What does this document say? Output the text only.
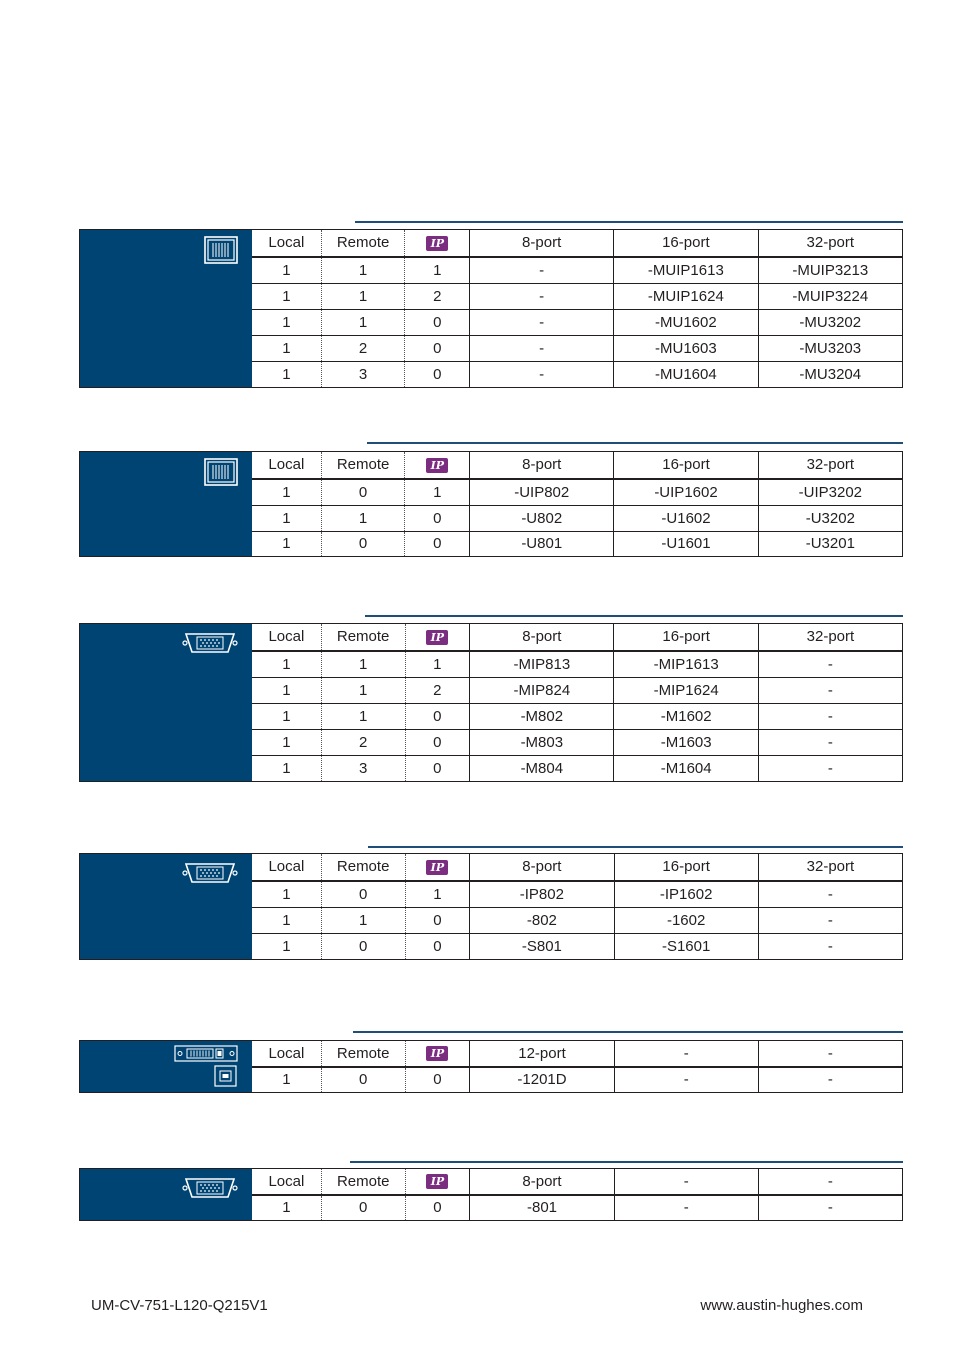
Local	Remote	IP	8-port	16-port	32-port
1	1	1	-	-MUIP1613	-MUIP3213
1	1	2	-	-MUIP1624	-MUIP3224
1	1	0	-	-MU1602	-MU3202
1	2	0	-	-MU1603	-MU3203
1	3	0	-	-MU1604	-MU3204
Local	Remote	IP	8-port	16-port	32-port
1	0	1	-UIP802	-UIP1602	-UIP3202
1	1	0	-U802	-U1602	-U3202
1	0	0	-U801	-U1601	-U3201
Local	Remote	IP	8-port	16-port	32-port
1	1	1	-MIP813	-MIP1613	-
1	1	2	-MIP824	-MIP1624	-
1	1	0	-M802	-M1602	-
1	2	0	-M803	-M1603	-
1	3	0	-M804	-M1604	-
Local	Remote	IP	8-port	16-port	32-port
1	0	1	-IP802	-IP1602	-
1	1	0	-802	-1602	-
1	0	0	-S801	-S1601	-
Local	Remote	IP	12-port	-	-
1	0	0	-1201D	-	-
Local	Remote	IP	8-port	-	-
1	0	0	-801	-	-
UM-CV-751-L120-Q215V1	www.austin-hughes.com
